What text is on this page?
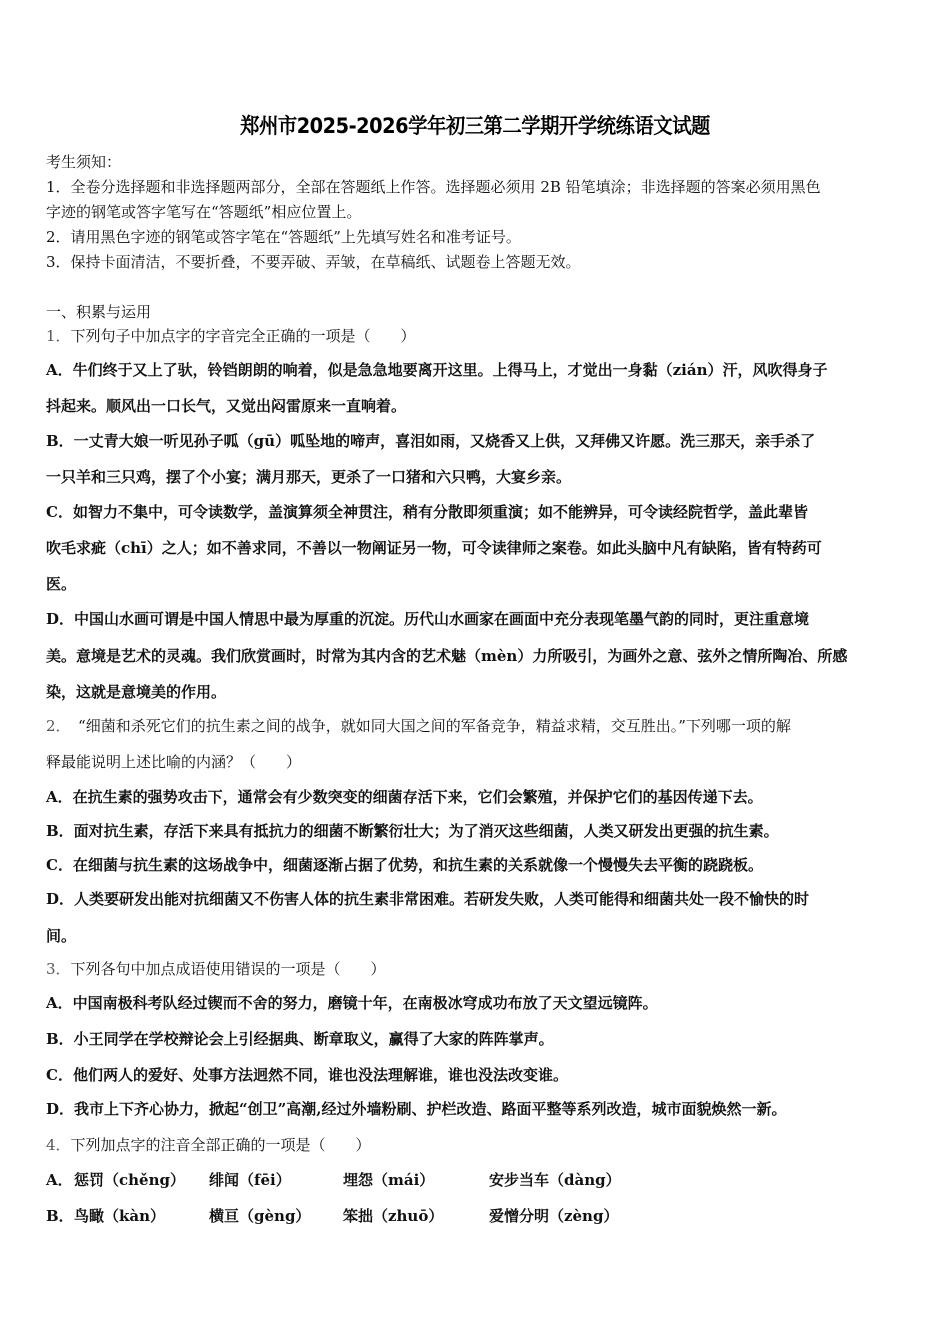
郑州市2025-2026学年初三第二学期开学统练语文试题
考生须知：
1．全卷分选择题和非选择题两部分，全部在答题纸上作答。选择题必须用 2B 铅笔填涂；非选择题的答案必须用黑色
字迹的钢笔或答字笔写在“答题纸”相应位置上。
2．请用黑色字迹的钢笔或答字笔在“答题纸”上先填写姓名和准考证号。
3．保持卡面清洁，不要折叠，不要弄破、弄皱，在草稿纸、试题卷上答题无效。
一、积累与运用
1．下列句子中加点字的字音完全正确的一项是（　　）
A．牛们终于又上了驮，铃铛朗朗的响着，似是急急地要离开这里。上得马上，才觉出一身黏（zián）汗，风吹得身子
抖起来。顺风出一口长气，又觉出闷雷原来一直响着。
B．一丈青大娘一听见孙子呱（gū）呱坠地的啼声，喜泪如雨，又烧香又上供，又拜佛又许愿。洗三那天，亲手杀了
一只羊和三只鸡，摆了个小宴；满月那天，更杀了一口猪和六只鸭，大宴乡亲。
C．如智力不集中，可令读数学，盖演算须全神贯注，稍有分散即须重演；如不能辨异，可令读经院哲学，盖此辈皆
吹毛求疵（chī）之人；如不善求同，不善以一物阐证另一物，可令读律师之案卷。如此头脑中凡有缺陷，皆有特药可
医。
D．中国山水画可谓是中国人情思中最为厚重的沉淀。历代山水画家在画面中充分表现笔墨气韵的同时，更注重意境
美。意境是艺术的灵魂。我们欣赏画时，时常为其内含的艺术魅（mèn）力所吸引，为画外之意、弦外之情所陶冶、所感
染，这就是意境美的作用。
2．　“细菌和杀死它们的抗生素之间的战争，就如同大国之间的军备竞争，精益求精，交互胜出。”下列哪一项的解
释最能说明上述比喻的内涵？（　　）
A．在抗生素的强势攻击下，通常会有少数突变的细菌存活下来，它们会繁殖，并保护它们的基因传递下去。
B．面对抗生素，存活下来具有抵抗力的细菌不断繁衍壮大；为了消灭这些细菌，人类又研发出更强的抗生素。
C．在细菌与抗生素的这场战争中，细菌逐渐占据了优势，和抗生素的关系就像一个慢慢失去平衡的跷跷板。
D．人类要研发出能对抗细菌又不伤害人体的抗生素非常困难。若研发失败，人类可能得和细菌共处一段不愉快的时
间。
3．下列各句中加点成语使用错误的一项是（　　）
A．中国南极科考队经过锲而不舍的努力，磨镜十年，在南极冰穹成功布放了天文望远镜阵。
B．小王同学在学校辩论会上引经据典、断章取义，赢得了大家的阵阵掌声。
C．他们两人的爱好、处事方法迥然不同，谁也没法理解谁，谁也没法改变谁。
D．我市上下齐心协力，掀起“创卫”高潮,经过外墙粉刷、护栏改造、路面平整等系列改造，城市面貌焕然一新。
4．下列加点字的注音全部正确的一项是（　　）
A． 惩罚（chěng） 绯闻（fēi）	埋怨（mái）	安步当车（dàng）
B． 鸟瞰（kàn）	横亘（gèng） 笨拙（zhuō）	爱憎分明（zèng）
